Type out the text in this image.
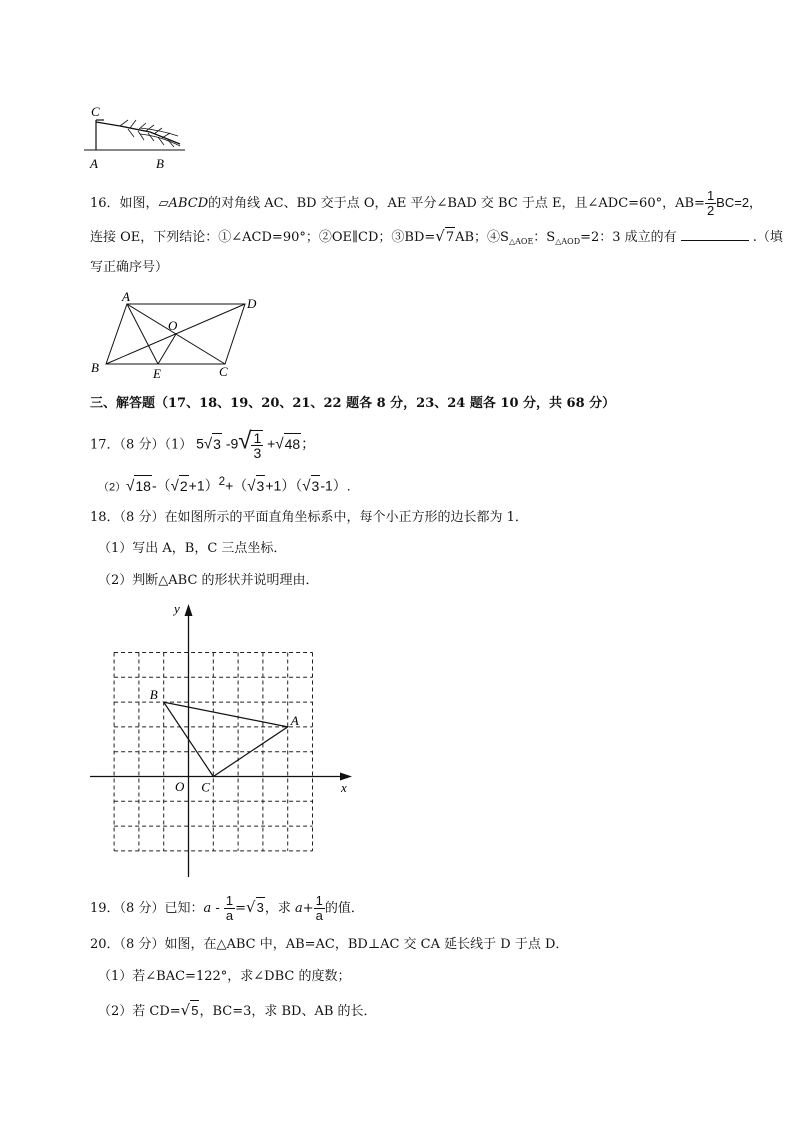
C
A	B
16．如图，▱ABCD的对角线 AC、BD 交于点 O，AE 平分∠BAD 交 BC 于点 E，且∠ADC=60°，$AB= \frac{1}{2} BC=2$，
连接 OE，下列结论：①∠ACD=90°；②OE∥CD；③BD=√7AB；$④S_{\triangle AOE}$：$S_{\triangle AOD}=2$：3 成立的有	.（填
写正确序号）
A	D
O
B	E	C
三、解答题（17、18、19、20、21、22 题各 8 分，23、24 题各 10 分，共 68 分）
17．（8 分）（1） 5√3 $-9√ \frac{1}{3} +√48$；
$(2)√18-(√2+1)^2+(√3+1)(√3-1)$.
18．（8 分）在如图所示的平面直角坐标系中，每个小正方形的边长都为 1．
（1）写出 A，B，C 三点坐标．
（2）判断△ABC 的形状并说明理由．
y
x
O C
B
A
19．（8 分）已知：$a - \frac{1}{a} =√3$，求 $a+ \frac{1}{a}$ 的值．
20．（8 分）如图，在△ABC 中，AB=AC，BD⊥AC 交 CA 延长线于 D 于点 D．
（1）若∠BAC=122°，求∠DBC 的度数；
（2）若 CD=√5，BC=3，求 BD、AB 的长．
